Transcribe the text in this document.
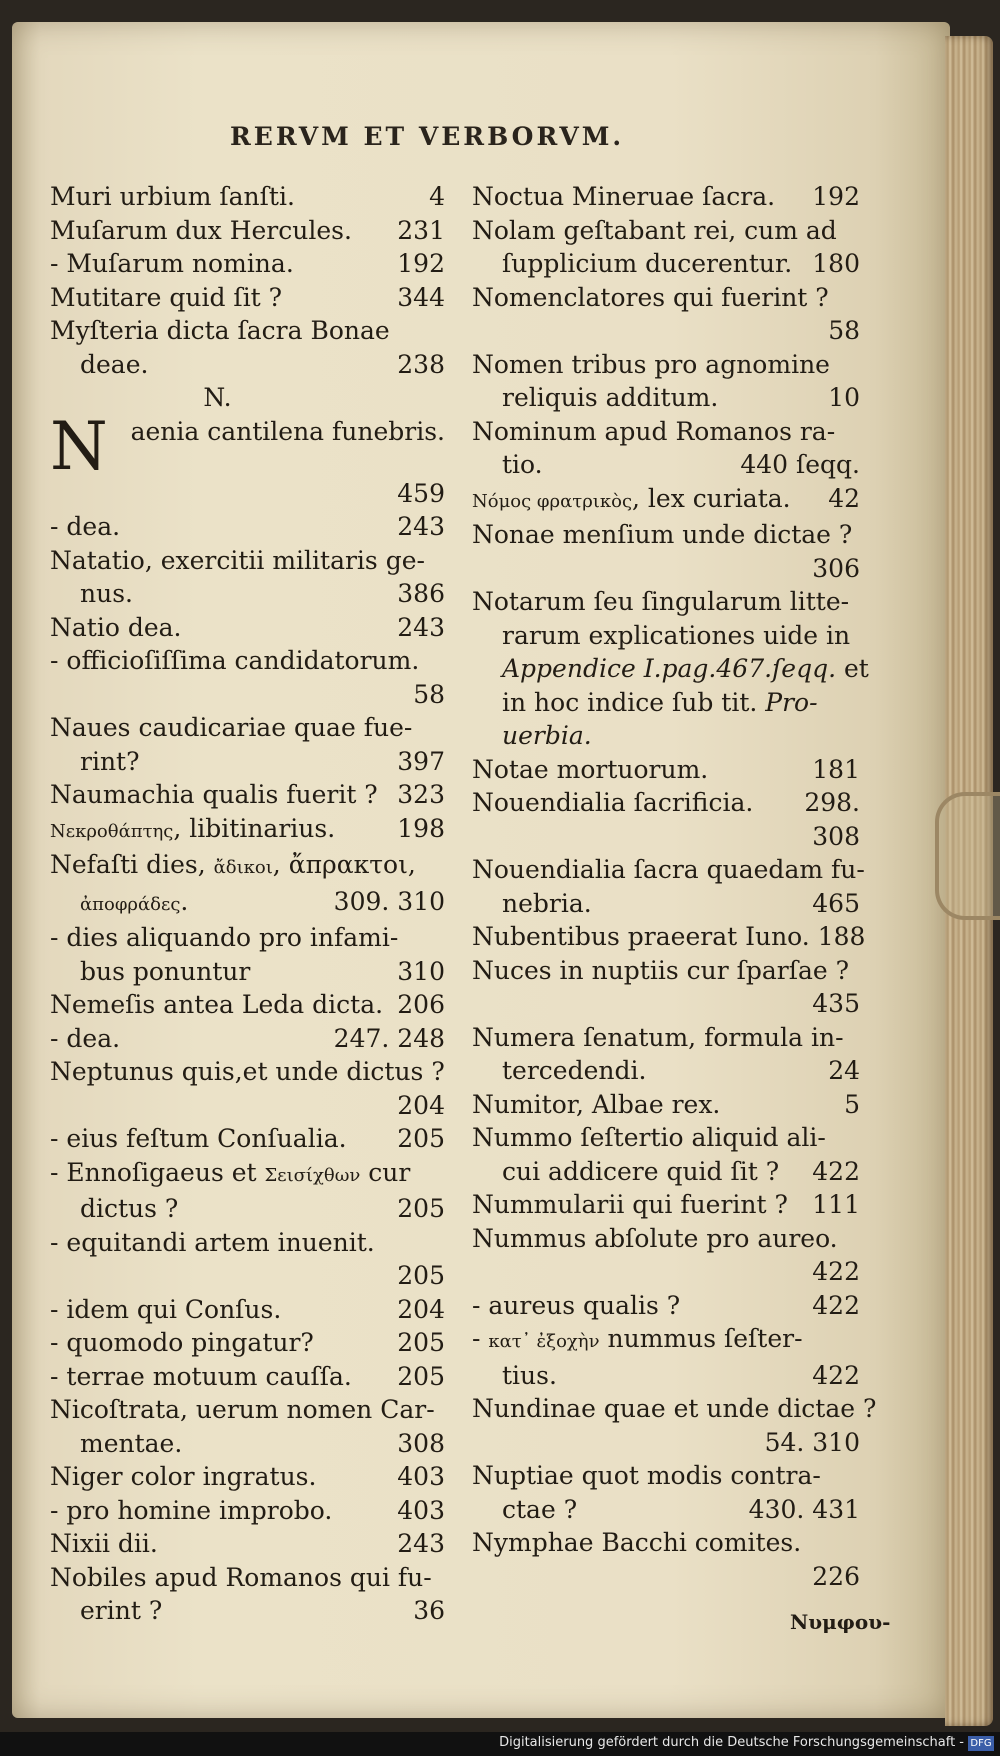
RERVM ET VERBORVM.
Muri urbium ſanſti.	4
Muſarum dux Hercules.	231
- Muſarum nomina.	192
Mutitare quid ſit ?	344
Myſteria dicta ſacra Bonae
deae.	238
N.
N aenia cantilena funebris.
459
- dea.	243
Natatio, exercitii militaris ge-
nus.	386
Natio dea.	243
- officioſiſſima candidatorum.
58
Naues caudicariae quae fue-
rint?	397
Naumachia qualis fuerit ? 323
Νεκροθάπτης, libitinarius.	198
Nefaſti dies, ἄδικοι, ἄπρακτοι,
ἀποφράδες.	309. 310
- dies aliquando pro infami-
bus ponuntur	310
Nemeſis antea Leda dicta. 206
- dea.	247. 248
Neptunus quis,et unde dictus ?
204
- eius feſtum Conſualia.	205
- Ennoſigaeus et Σεισίχθων cur
dictus ?	205
- equitandi artem inuenit.
205
- idem qui Conſus.	204
- quomodo pingatur?	205
- terrae motuum cauſſa.	205
Nicoſtrata, uerum nomen Car-
mentae.	308
Niger color ingratus.	403
- pro homine improbo.	403
Nixii dii.	243
Nobiles apud Romanos qui fu-
erint ?	36
Noctua Mineruae ſacra.	192
Nolam geſtabant rei, cum ad
ſupplicium ducerentur. 180
Nomenclatores qui fuerint ?
58
Nomen tribus pro agnomine
reliquis additum.	10
Nominum apud Romanos ra-
tio.	440 ſeqq.
Νόμος φρατρικὸς, lex curiata.	42
Nonae menſium unde dictae ?
306
Notarum ſeu ſingularum litte-
rarum explicationes uide in
Appendice I.pag.467.ſeqq. et
in hoc indice ſub tit. Pro-
uerbia.
Notae mortuorum.	181
Nouendialia ſacrificia.	298.
308
Nouendialia ſacra quaedam fu-
nebria.	465
Nubentibus praeerat Iuno. 188
Nuces in nuptiis cur ſparſae ?
435
Numera ſenatum, formula in-
tercedendi.	24
Numitor, Albae rex.	5
Nummo ſeſtertio aliquid ali-
cui addicere quid ſit ?	422
Nummularii qui fuerint ? 111
Nummus abſolute pro aureo.
422
- aureus qualis ?	422
- κατ᾽ ἐξοχὴν nummus ſeſter-
tius.	422
Nundinae quae et unde dictae ?
54. 310
Nuptiae quot modis contra-
ctae ?	430. 431
Nymphae Bacchi comites.
226
Νυμφου-
Digitalisierung gefördert durch die Deutsche Forschungsgemeinschaft - DFG
